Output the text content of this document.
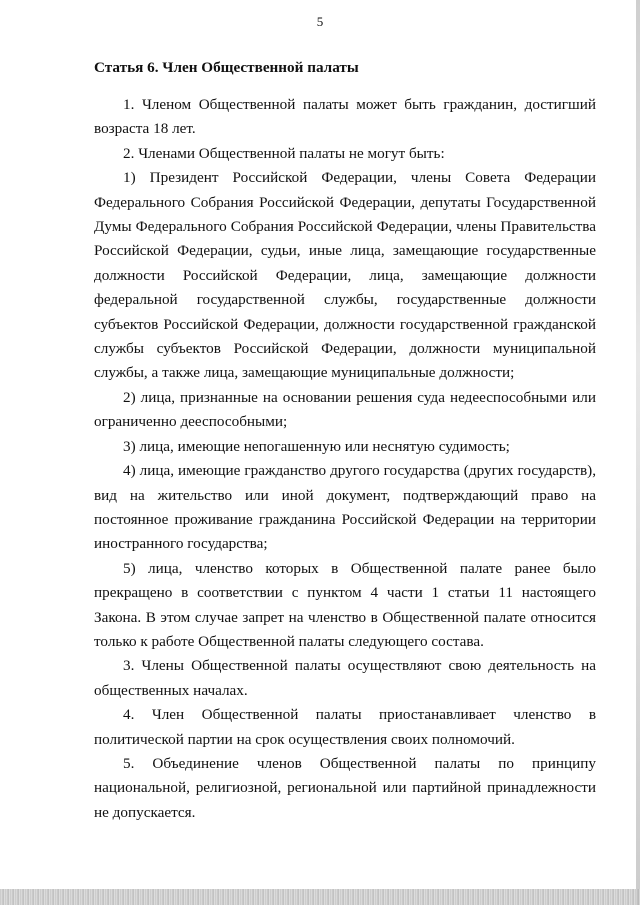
5
Статья 6. Член Общественной палаты

1. Членом Общественной палаты может быть гражданин, достигший возраста 18 лет.

2. Членами Общественной палаты не могут быть:

1) Президент Российской Федерации, члены Совета Федерации Федерального Собрания Российской Федерации, депутаты Государственной Думы Федерального Собрания Российской Федерации, члены Правительства Российской Федерации, судьи, иные лица, замещающие государственные должности Российской Федерации, лица, замещающие должности федеральной государственной службы, государственные должности субъектов Российской Федерации, должности государственной гражданской службы субъектов Российской Федерации, должности муниципальной службы, а также лица, замещающие муниципальные должности;

2) лица, признанные на основании решения суда недееспособными или ограниченно дееспособными;

3) лица, имеющие непогашенную или неснятую судимость;

4) лица, имеющие гражданство другого государства (других государств), вид на жительство или иной документ, подтверждающий право на постоянное проживание гражданина Российской Федерации на территории иностранного государства;

5) лица, членство которых в Общественной палате ранее было прекращено в соответствии с пунктом 4 части 1 статьи 11 настоящего Закона. В этом случае запрет на членство в Общественной палате относится только к работе Общественной палаты следующего состава.

3. Члены Общественной палаты осуществляют свою деятельность на общественных началах.

4. Член Общественной палаты приостанавливает членство в политической партии на срок осуществления своих полномочий.

5. Объединение членов Общественной палаты по принципу национальной, религиозной, региональной или партийной принадлежности не допускается.
